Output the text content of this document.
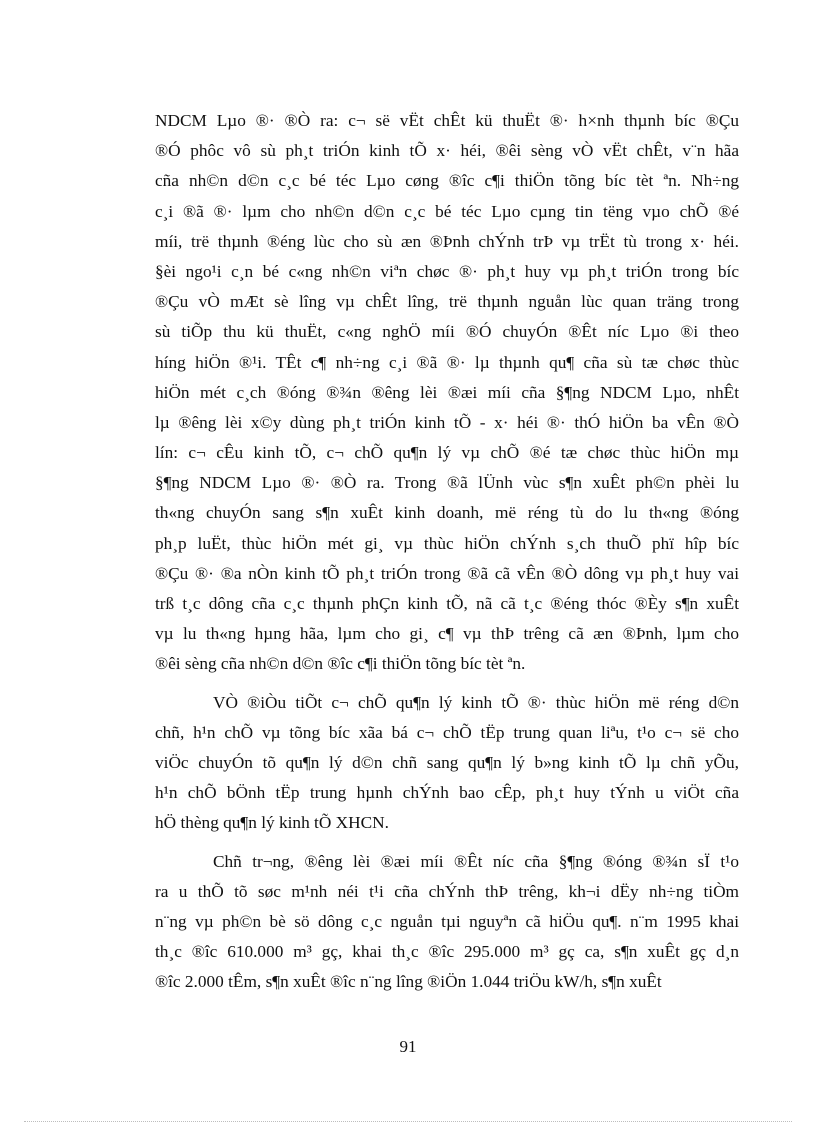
NDCM Lµo ®· ®Ò ra: c¬ së vËt chÊt kü thuËt ®· h×nh thµnh bíc ®Çu
®Ó phôc vô sù ph¸t triÓn kinh tÕ x· héi, ®êi sèng vÒ vËt chÊt, v¨n hãa
cña nh©n d©n c¸c bé téc Lµo cøng ®îc c¶i thiÖn tõng bíc tèt ªn. Nh÷ng
c¸i ®ã ®· lµm cho nh©n d©n c¸c bé téc Lµo cµng tin tëng vµo chÕ ®é
míi, trë thµnh ®éng lùc cho sù æn ®Þnh chÝnh trÞ vµ trËt tù trong x· héi.
§èi ngo¹i c¸n bé c«ng nh©n viªn chøc ®· ph¸t huy vµ ph¸t triÓn trong bíc
®Çu vÒ mÆt sè lîng vµ chÊt lîng, trë thµnh nguån lùc quan träng trong
sù tiÕp thu kü thuËt, c«ng nghÖ míi ®Ó chuyÓn ®Êt níc Lµo ®i theo
híng hiÖn ®¹i. TÊt c¶ nh÷ng c¸i ®ã ®· lµ thµnh qu¶ cña sù tæ chøc thùc
hiÖn mét c¸ch ®óng ®¾n ®êng lèi ®æi míi cña §¶ng NDCM Lµo, nhÊt
lµ ®êng lèi x©y dùng ph¸t triÓn kinh tÕ - x· héi ®· thÓ hiÖn ba vÊn ®Ò
lín: c¬ cÊu kinh tÕ, c¬ chÕ qu¶n lý vµ chÕ ®é tæ chøc thùc hiÖn mµ
§¶ng NDCM Lµo ®· ®Ò ra. Trong ®ã lÜnh vùc s¶n xuÊt ph©n phèi lu
th«ng chuyÓn sang s¶n xuÊt kinh doanh, më réng tù do lu th«ng ®óng
ph¸p luËt, thùc hiÖn mét gi¸ vµ thùc hiÖn chÝnh s¸ch thuÕ phï hîp bíc
®Çu ®· ®a nÒn kinh tÕ ph¸t triÓn trong ®ã cã vÊn ®Ò dông vµ ph¸t huy vai
trß t¸c dông cña c¸c thµnh phÇn kinh tÕ, nã cã t¸c ®éng thóc ®Èy s¶n xuÊt
vµ lu th«ng hµng hãa, lµm cho gi¸ c¶ vµ thÞ trêng cã æn ®Þnh, lµm cho
®êi sèng cña nh©n d©n ®îc c¶i thiÖn tõng bíc tèt ªn.
VÒ ®iÒu tiÕt c¬ chÕ qu¶n lý kinh tÕ ®· thùc hiÖn më réng d©n
chñ, h¹n chÕ vµ tõng bíc xãa bá c¬ chÕ tËp trung quan liªu, t¹o c¬ së cho
viÖc chuyÓn tõ qu¶n lý d©n chñ sang qu¶n lý b»ng kinh tÕ lµ chñ yÕu,
h¹n chÕ bÖnh tËp trung hµnh chÝnh bao cÊp, ph¸t huy tÝnh u viÖt cña
hÖ thèng qu¶n lý kinh tÕ XHCN.
Chñ tr¬ng, ®êng lèi ®æi míi ®Êt níc cña §¶ng ®óng ®¾n sÏ t¹o
ra u thÕ tõ søc m¹nh néi t¹i cña chÝnh thÞ trêng, kh¬i dËy nh÷ng tiÒm
n¨ng vµ ph©n bè sö dông c¸c nguån tµi nguyªn cã hiÖu qu¶. n¨m 1995 khai
th¸c ®îc 610.000 m³ gç, khai th¸c ®îc 295.000 m³ gç ca, s¶n xuÊt gç d¸n
®îc 2.000 tÊm, s¶n xuÊt ®îc n¨ng lîng ®iÖn 1.044 triÖu kW/h, s¶n xuÊt
91
